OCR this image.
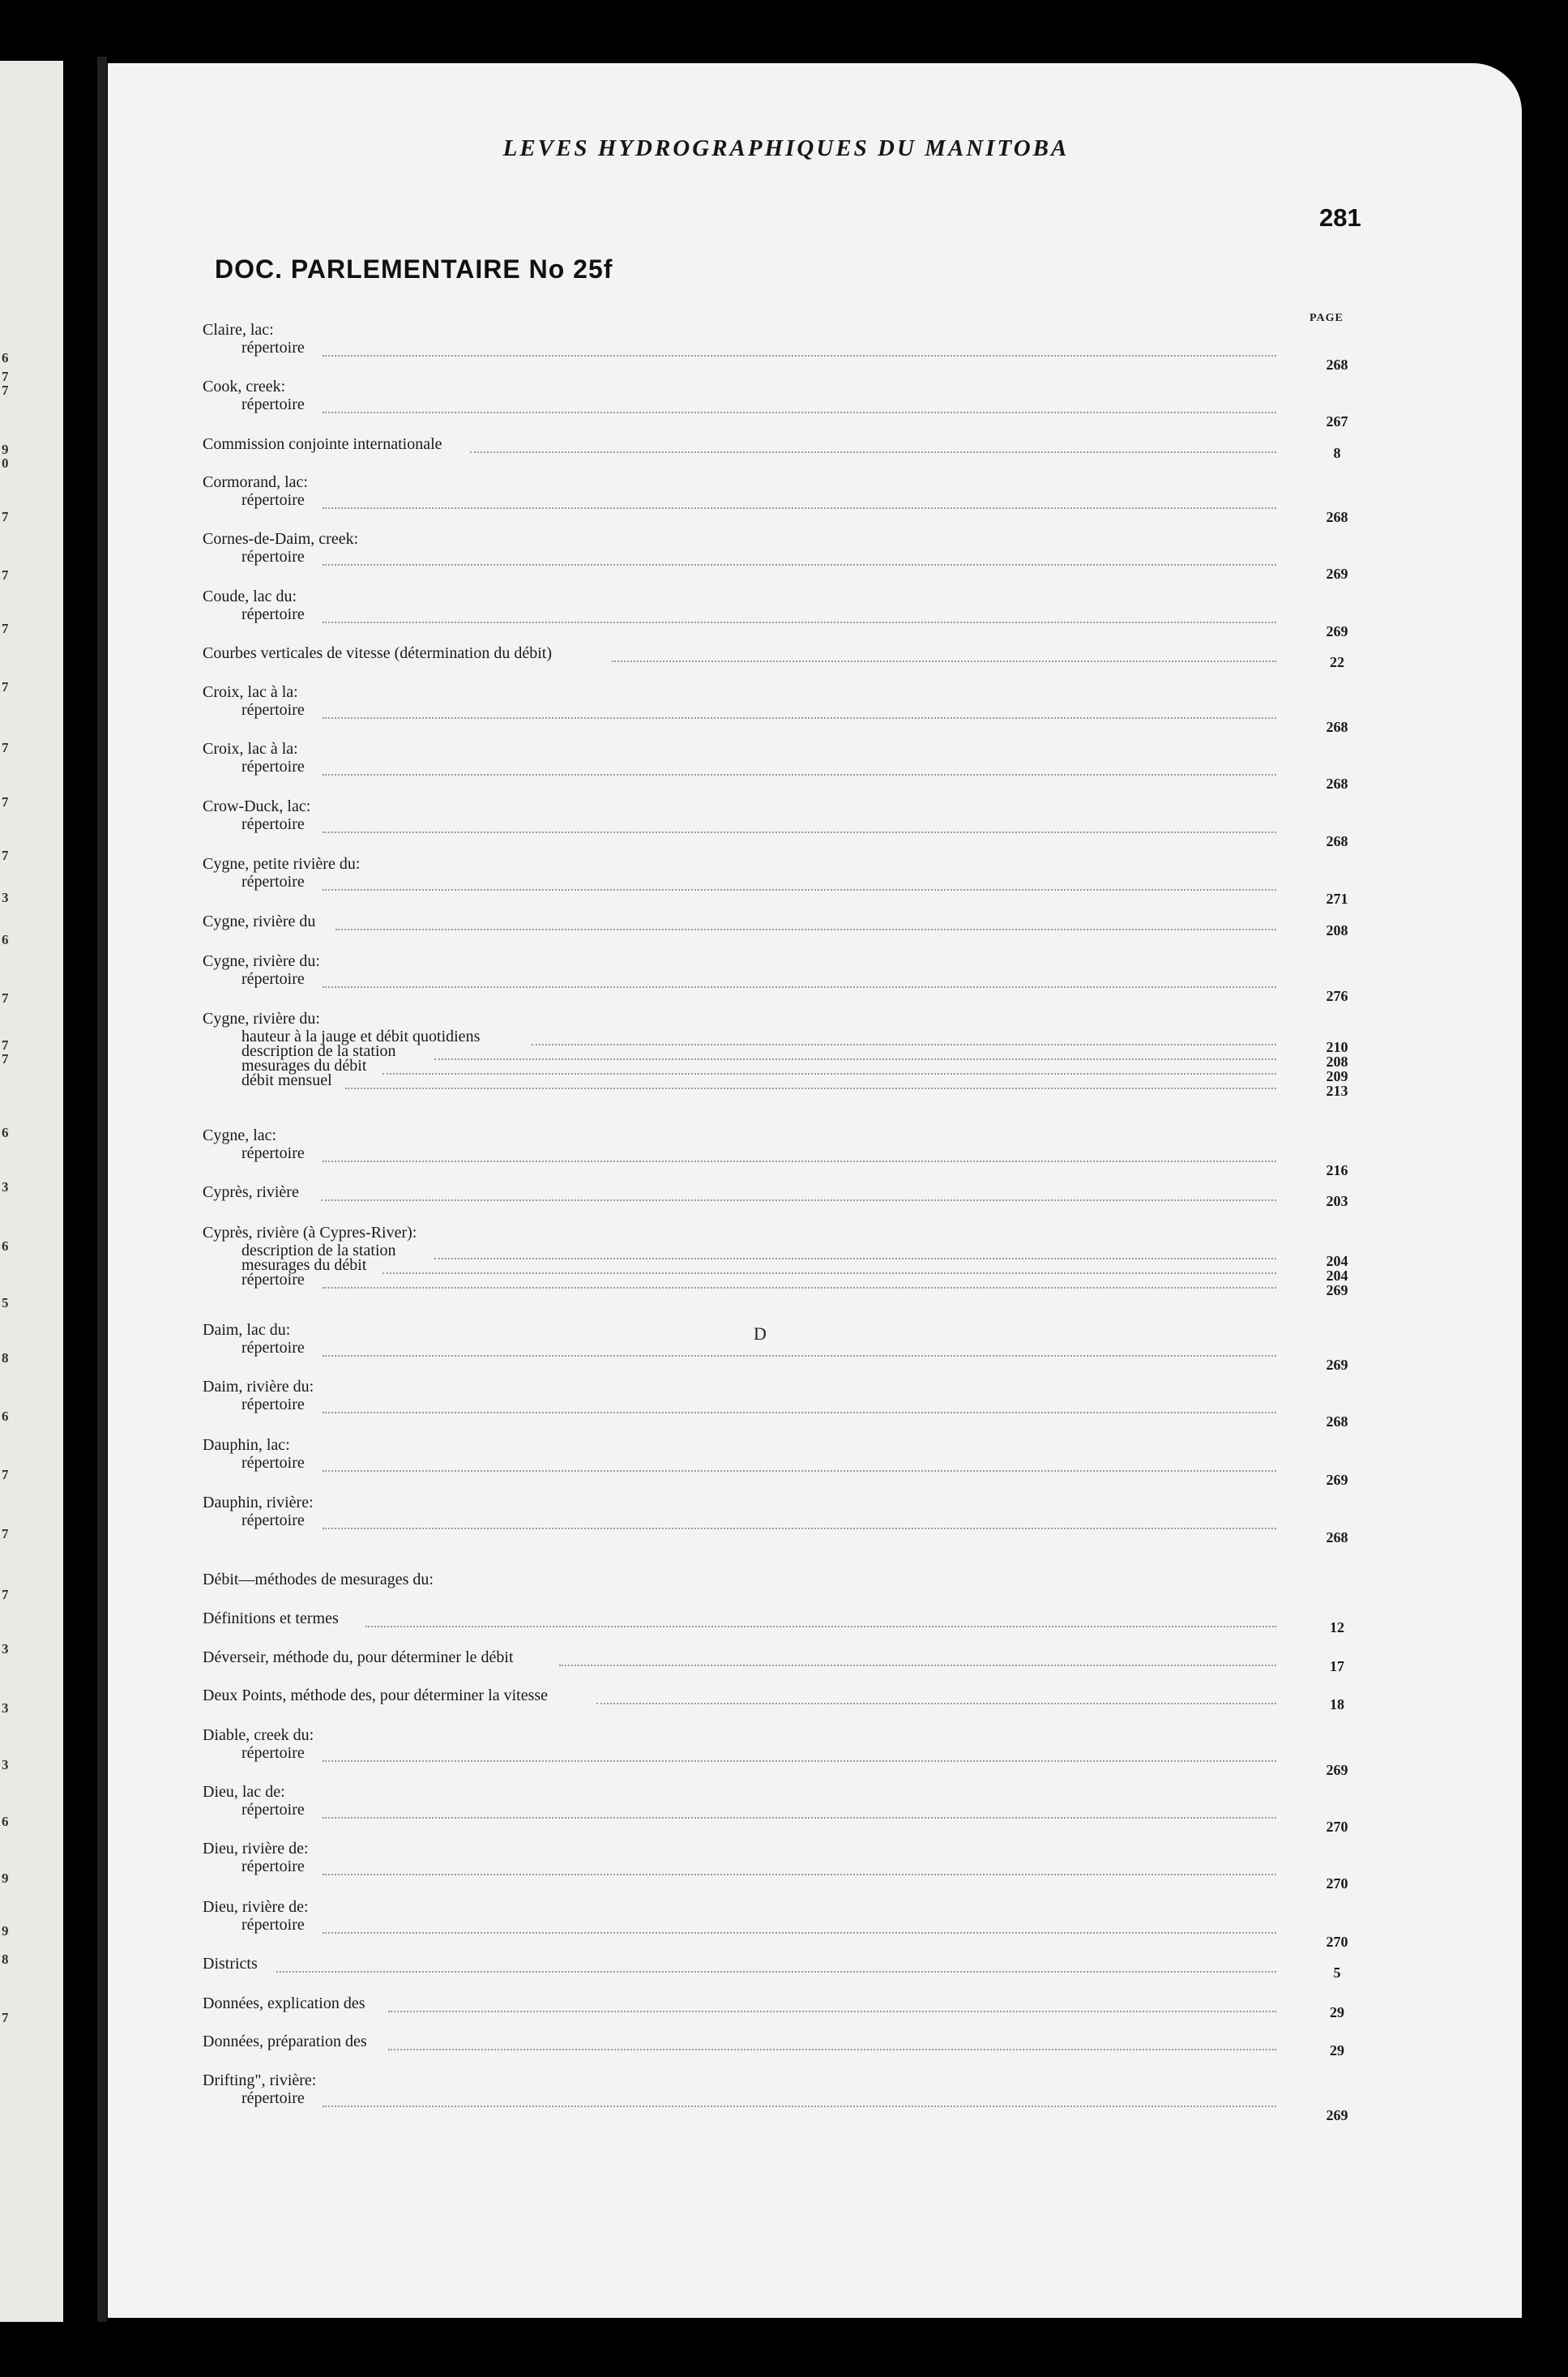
6
7
7
9
0
7
7
7
7
7
7
7
3
6
7
7
7
6
3
6
5
8
6
7
7
7
3
3
3
6
9
9
8
7
LEVES HYDROGRAPHIQUES DU MANITOBA
281
DOC. PARLEMENTAIRE No 25f
PAGE
D
Claire, lac:
répertoire
268
Cook, creek:
répertoire
267
Commission conjointe internationale	8
Cormorand, lac:
répertoire
268
Cornes-de-Daim, creek:
répertoire
269
Coude, lac du:
répertoire
269
Courbes verticales de vitesse (détermination du débit)	22
Croix, lac à la:
répertoire
268
Croix, lac à la:
répertoire
268
Crow-Duck, lac:
répertoire
268
Cygne, petite rivière du:
répertoire
271
Cygne, rivière du	208
Cygne, rivière du:
répertoire
276
Cygne, rivière du:
hauteur à la jauge et débit quotidiens
210
description de la station
208
mesurages du débit
209
débit mensuel
213
Cygne, lac:
répertoire
216
Cyprès, rivière	203
Cyprès, rivière (à Cypres-River):
description de la station
204
mesurages du débit
204
répertoire
269
Daim, lac du:
répertoire
269
Daim, rivière du:
répertoire
268
Dauphin, lac:
répertoire
269
Dauphin, rivière:
répertoire
268
Débit—méthodes de mesurages du:
Définitions et termes	12
Déverseir, méthode du, pour déterminer le débit	17
Deux Points, méthode des, pour déterminer la vitesse	18
Diable, creek du:
répertoire
269
Dieu, lac de:
répertoire
270
Dieu, rivière de:
répertoire
270
Dieu, rivière de:
répertoire
270
Districts	5
Données, explication des	29
Données, préparation des	29
Drifting", rivière:
répertoire
269
